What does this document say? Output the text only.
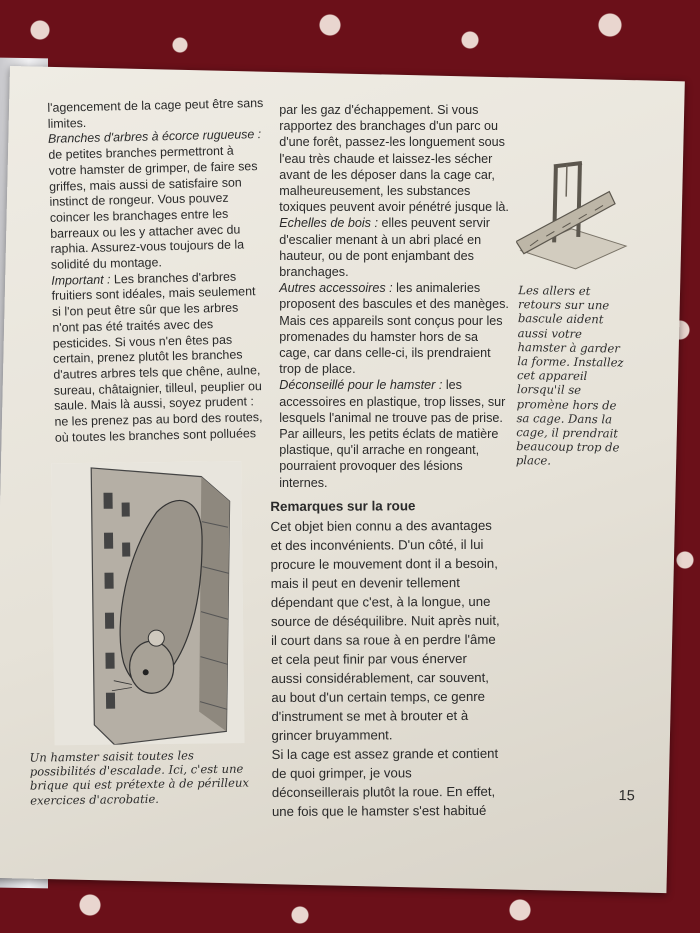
l'agencement de la cage peut être sans limites.

Branches d'arbres à écorce rugueuse : de petites branches permettront à votre hamster de grimper, de faire ses griffes, mais aussi de satisfaire son instinct de rongeur. Vous pouvez coincer les branchages entre les barreaux ou les y attacher avec du raphia. Assurez-vous toujours de la solidité du montage.

Important : Les branches d'arbres fruitiers sont idéales, mais seulement si l'on peut être sûr que les arbres n'ont pas été traités avec des pesticides. Si vous n'en êtes pas certain, prenez plutôt les branches d'autres arbres tels que chêne, aulne, sureau, châtaignier, tilleul, peuplier ou saule. Mais là aussi, soyez prudent : ne les prenez pas au bord des routes, où toutes les branches sont polluées

par les gaz d'échappement. Si vous rapportez des branchages d'un parc ou d'une forêt, passez-les longuement sous l'eau très chaude et laissez-les sécher avant de les déposer dans la cage car, malheureusement, les substances toxiques peuvent avoir pénétré jusque là.

Echelles de bois : elles peuvent servir d'escalier menant à un abri placé en hauteur, ou de pont enjambant des branchages.

Autres accessoires : les animaleries proposent des bascules et des manèges. Mais ces appareils sont conçus pour les promenades du hamster hors de sa cage, car dans celle-ci, ils prendraient trop de place.

Déconseillé pour le hamster : les accessoires en plastique, trop lisses, sur lesquels l'animal ne trouve pas de prise. Par ailleurs, les petits éclats de matière plastique, qu'il arrache en rongeant, pourraient provoquer des lésions internes.

Remarques sur la roue

Cet objet bien connu a des avantages et des inconvénients. D'un côté, il lui procure le mouvement dont il a besoin, mais il peut en devenir tellement dépendant que c'est, à la longue, une source de déséquilibre. Nuit après nuit, il court dans sa roue à en perdre l'âme et cela peut finir par vous énerver aussi considérablement, car souvent, au bout d'un certain temps, ce genre d'instrument se met à brouter et à grincer bruyamment.

Si la cage est assez grande et contient de quoi grimper, je vous déconseillerais plutôt la roue. En effet, une fois que le hamster s'est habitué

Les allers et retours sur une bascule aident aussi votre hamster à garder la forme. Installez cet appareil lorsqu'il se promène hors de sa cage. Dans la cage, il prendrait beaucoup trop de place.
Un hamster saisit toutes les possibilités d'escalade. Ici, c'est une brique qui est prétexte à de périlleux exercices d'acrobatie.	15
